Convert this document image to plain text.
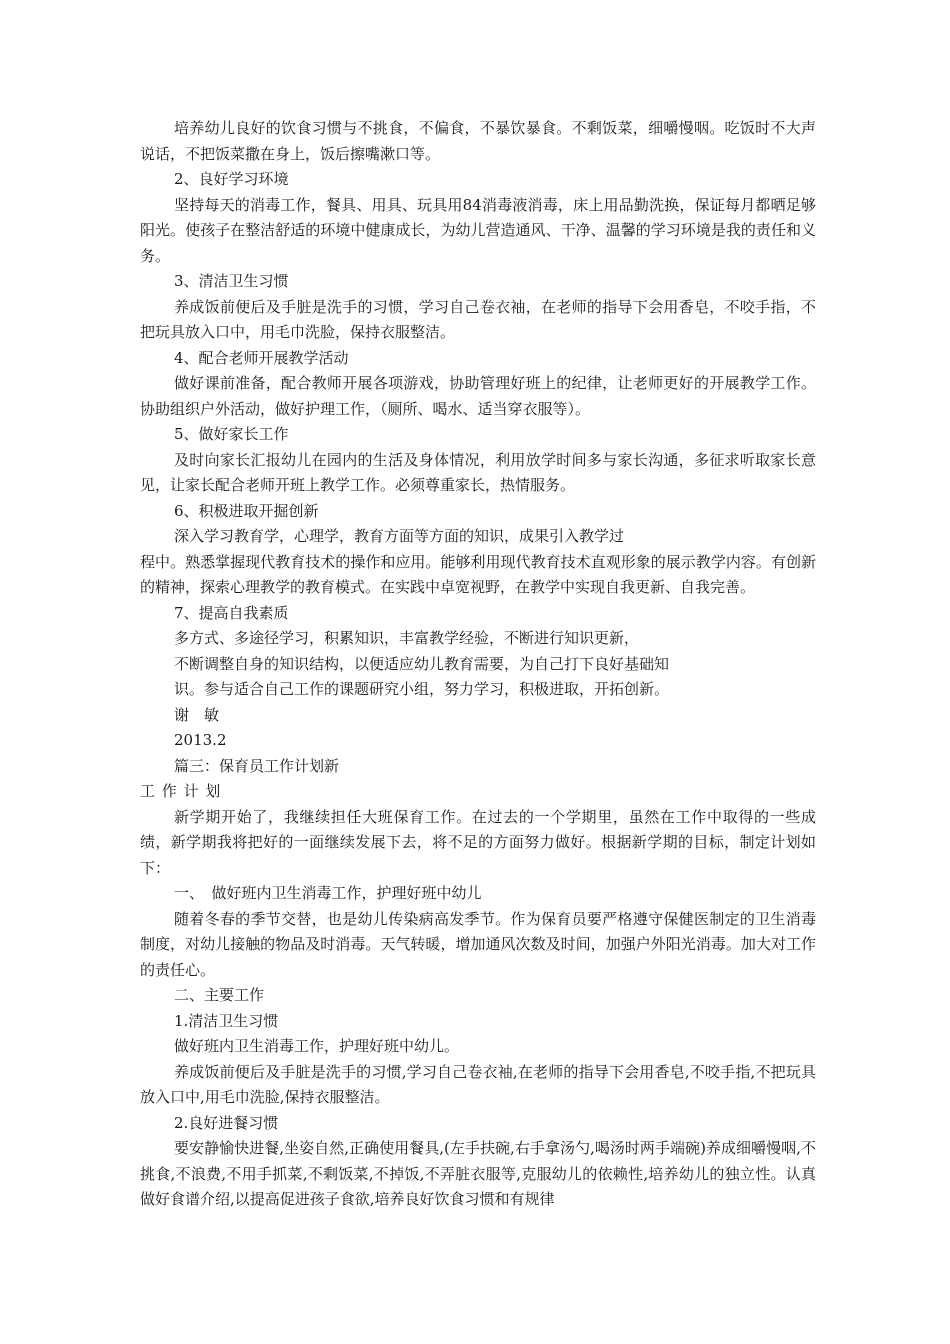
培养幼儿良好的饮食习惯与不挑食，不偏食，不暴饮暴食。不剩饭菜，细嚼慢咽。吃饭时不大声说话，不把饭菜撒在身上，饭后擦嘴漱口等。

2、良好学习环境

坚持每天的消毒工作，餐具、用具、玩具用84消毒液消毒，床上用品勤洗换，保证每月都晒足够阳光。使孩子在整洁舒适的环境中健康成长，为幼儿营造通风、干净、温馨的学习环境是我的责任和义务。

3、清洁卫生习惯

养成饭前便后及手脏是洗手的习惯，学习自己卷衣袖，在老师的指导下会用香皂，不咬手指，不把玩具放入口中，用毛巾洗脸，保持衣服整洁。

4、配合老师开展教学活动

做好课前准备，配合教师开展各项游戏，协助管理好班上的纪律，让老师更好的开展教学工作。协助组织户外活动，做好护理工作，（厕所、喝水、适当穿衣服等）。

5、做好家长工作

及时向家长汇报幼儿在园内的生活及身体情况，利用放学时间多与家长沟通，多征求听取家长意见，让家长配合老师开班上教学工作。必须尊重家长，热情服务。

6、积极进取开掘创新

深入学习教育学，心理学，教育方面等方面的知识，成果引入教学过

程中。熟悉掌握现代教育技术的操作和应用。能够利用现代教育技术直观形象的展示教学内容。有创新的精神，探索心理教学的教育模式。在实践中卓宽视野，在教学中实现自我更新、自我完善。

7、提高自我素质

多方式、多途径学习，积累知识，丰富教学经验，不断进行知识更新，

不断调整自身的知识结构，以便适应幼儿教育需要，为自己打下良好基础知

识。参与适合自己工作的课题研究小组，努力学习，积极进取，开拓创新。

谢　敏

2013.2

篇三：保育员工作计划新

工作计划

新学期开始了，我继续担任大班保育工作。在过去的一个学期里，虽然在工作中取得的一些成绩，新学期我将把好的一面继续发展下去，将不足的方面努力做好。根据新学期的目标，制定计划如下：

一、　做好班内卫生消毒工作，护理好班中幼儿

随着冬春的季节交替，也是幼儿传染病高发季节。作为保育员要严格遵守保健医制定的卫生消毒制度，对幼儿接触的物品及时消毒。天气转暖，增加通风次数及时间，加强户外阳光消毒。加大对工作的责任心。

二、主要工作

1.清洁卫生习惯

做好班内卫生消毒工作，护理好班中幼儿。

养成饭前便后及手脏是洗手的习惯,学习自己卷衣袖,在老师的指导下会用香皂,不咬手指,不把玩具放入口中,用毛巾洗脸,保持衣服整洁。

2.良好进餐习惯

要安静愉快进餐,坐姿自然,正确使用餐具,(左手扶碗,右手拿汤勺,喝汤时两手端碗)养成细嚼慢咽,不挑食,不浪费,不用手抓菜,不剩饭菜,不掉饭,不弄脏衣服等,克服幼儿的依赖性,培养幼儿的独立性。认真做好食谱介绍,以提高促进孩子食欲,培养良好饮食习惯和有规律
